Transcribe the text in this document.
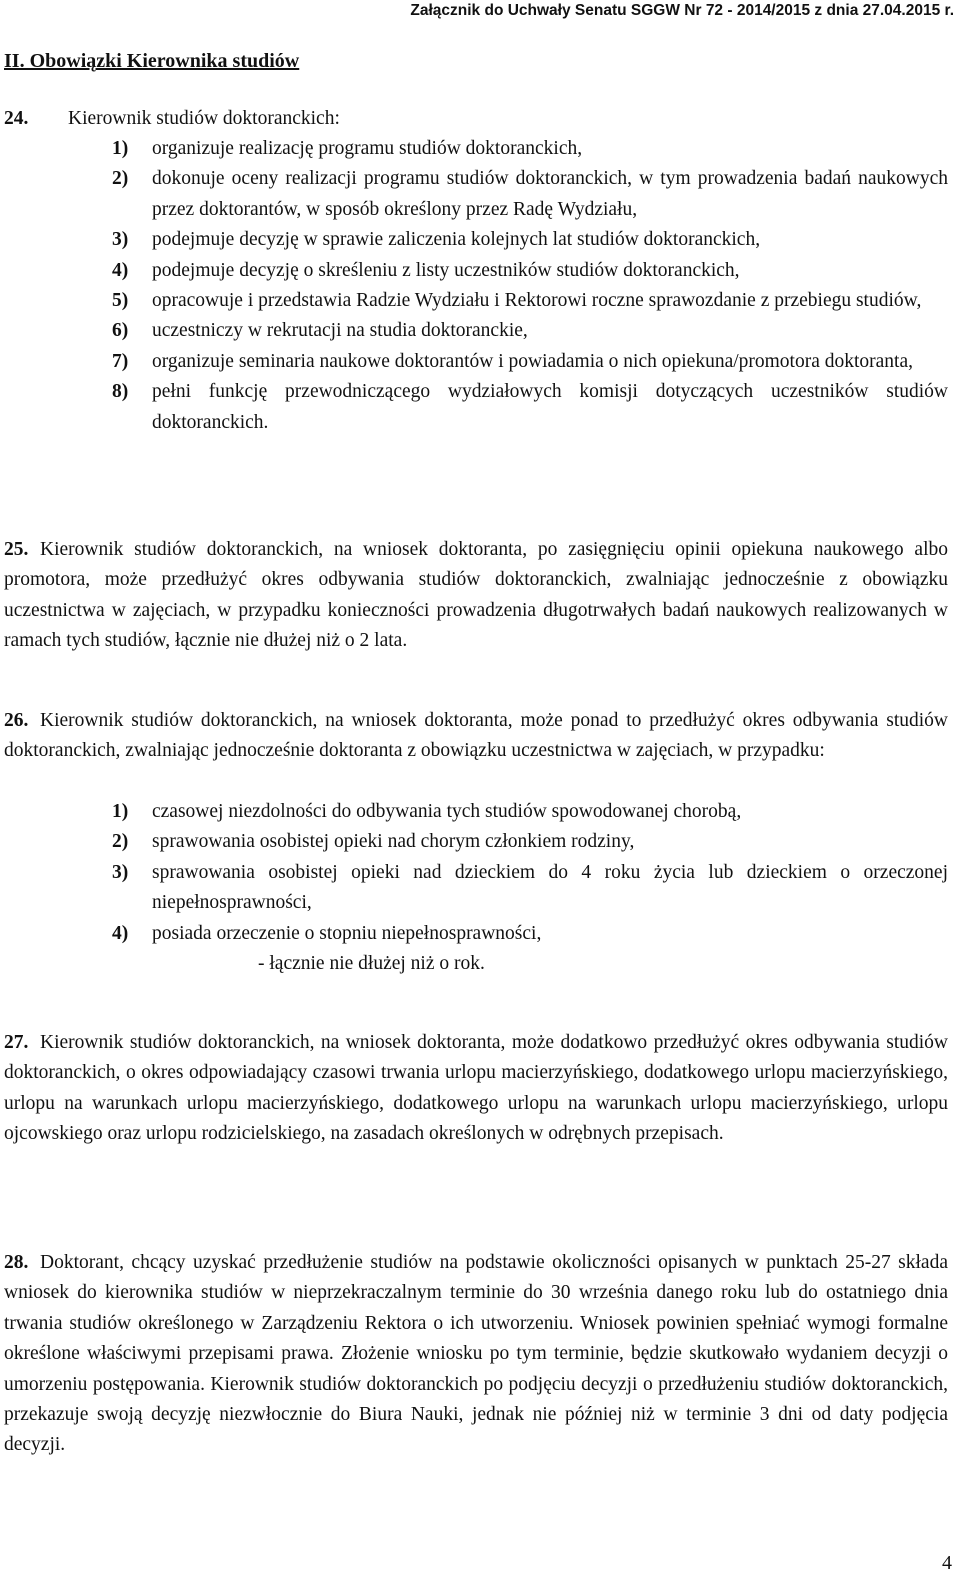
Załącznik do Uchwały Senatu SGGW Nr 72 - 2014/2015 z dnia 27.04.2015 r.
II. Obowiązki Kierownika studiów
24. Kierownik studiów doktoranckich:
1) organizuje realizację programu studiów doktoranckich,
2) dokonuje oceny realizacji programu studiów doktoranckich, w tym prowadzenia badań naukowych przez doktorantów, w sposób określony przez Radę Wydziału,
3) podejmuje decyzję w sprawie zaliczenia kolejnych lat studiów doktoranckich,
4) podejmuje decyzję o skreśleniu z listy uczestników studiów doktoranckich,
5) opracowuje i przedstawia Radzie Wydziału i Rektorowi roczne sprawozdanie z przebiegu studiów,
6) uczestniczy w rekrutacji na studia doktoranckie,
7) organizuje seminaria naukowe doktorantów i powiadamia o nich opiekuna/promotora doktoranta,
8) pełni funkcję przewodniczącego wydziałowych komisji dotyczących uczestników studiów doktoranckich.
25. Kierownik studiów doktoranckich, na wniosek doktoranta, po zasięgnięciu opinii opiekuna naukowego albo promotora, może przedłużyć okres odbywania studiów doktoranckich, zwalniając jednocześnie z obowiązku uczestnictwa w zajęciach, w przypadku konieczności prowadzenia długotrwałych badań naukowych realizowanych w ramach tych studiów, łącznie nie dłużej niż o 2 lata.
26. Kierownik studiów doktoranckich, na wniosek doktoranta, może ponad to przedłużyć okres odbywania studiów doktoranckich, zwalniając jednocześnie doktoranta z obowiązku uczestnictwa w zajęciach, w przypadku:
1) czasowej niezdolności do odbywania tych studiów spowodowanej chorobą,
2) sprawowania osobistej opieki nad chorym członkiem rodziny,
3) sprawowania osobistej opieki nad dzieckiem do 4 roku życia lub dzieckiem o orzeczonej niepełnosprawności,
4) posiada orzeczenie o stopniu niepełnosprawności,
- łącznie nie dłużej niż o rok.
27. Kierownik studiów doktoranckich, na wniosek doktoranta, może dodatkowo przedłużyć okres odbywania studiów doktoranckich, o okres odpowiadający czasowi trwania urlopu macierzyńskiego, dodatkowego urlopu macierzyńskiego, urlopu na warunkach urlopu macierzyńskiego, dodatkowego urlopu na warunkach urlopu macierzyńskiego, urlopu ojcowskiego oraz urlopu rodzicielskiego, na zasadach określonych w odrębnych przepisach.
28. Doktorant, chcący uzyskać przedłużenie studiów na podstawie okoliczności opisanych w punktach 25-27 składa wniosek do kierownika studiów w nieprzekraczalnym terminie do 30 września danego roku lub do ostatniego dnia trwania studiów określonego w Zarządzeniu Rektora o ich utworzeniu. Wniosek powinien spełniać wymogi formalne określone właściwymi przepisami prawa. Złożenie wniosku po tym terminie, będzie skutkowało wydaniem decyzji o umorzeniu postępowania. Kierownik studiów doktoranckich po podjęciu decyzji o przedłużeniu studiów doktoranckich, przekazuje swoją decyzję niezwłocznie do Biura Nauki, jednak nie później niż w terminie 3 dni od daty podjęcia decyzji.
4
